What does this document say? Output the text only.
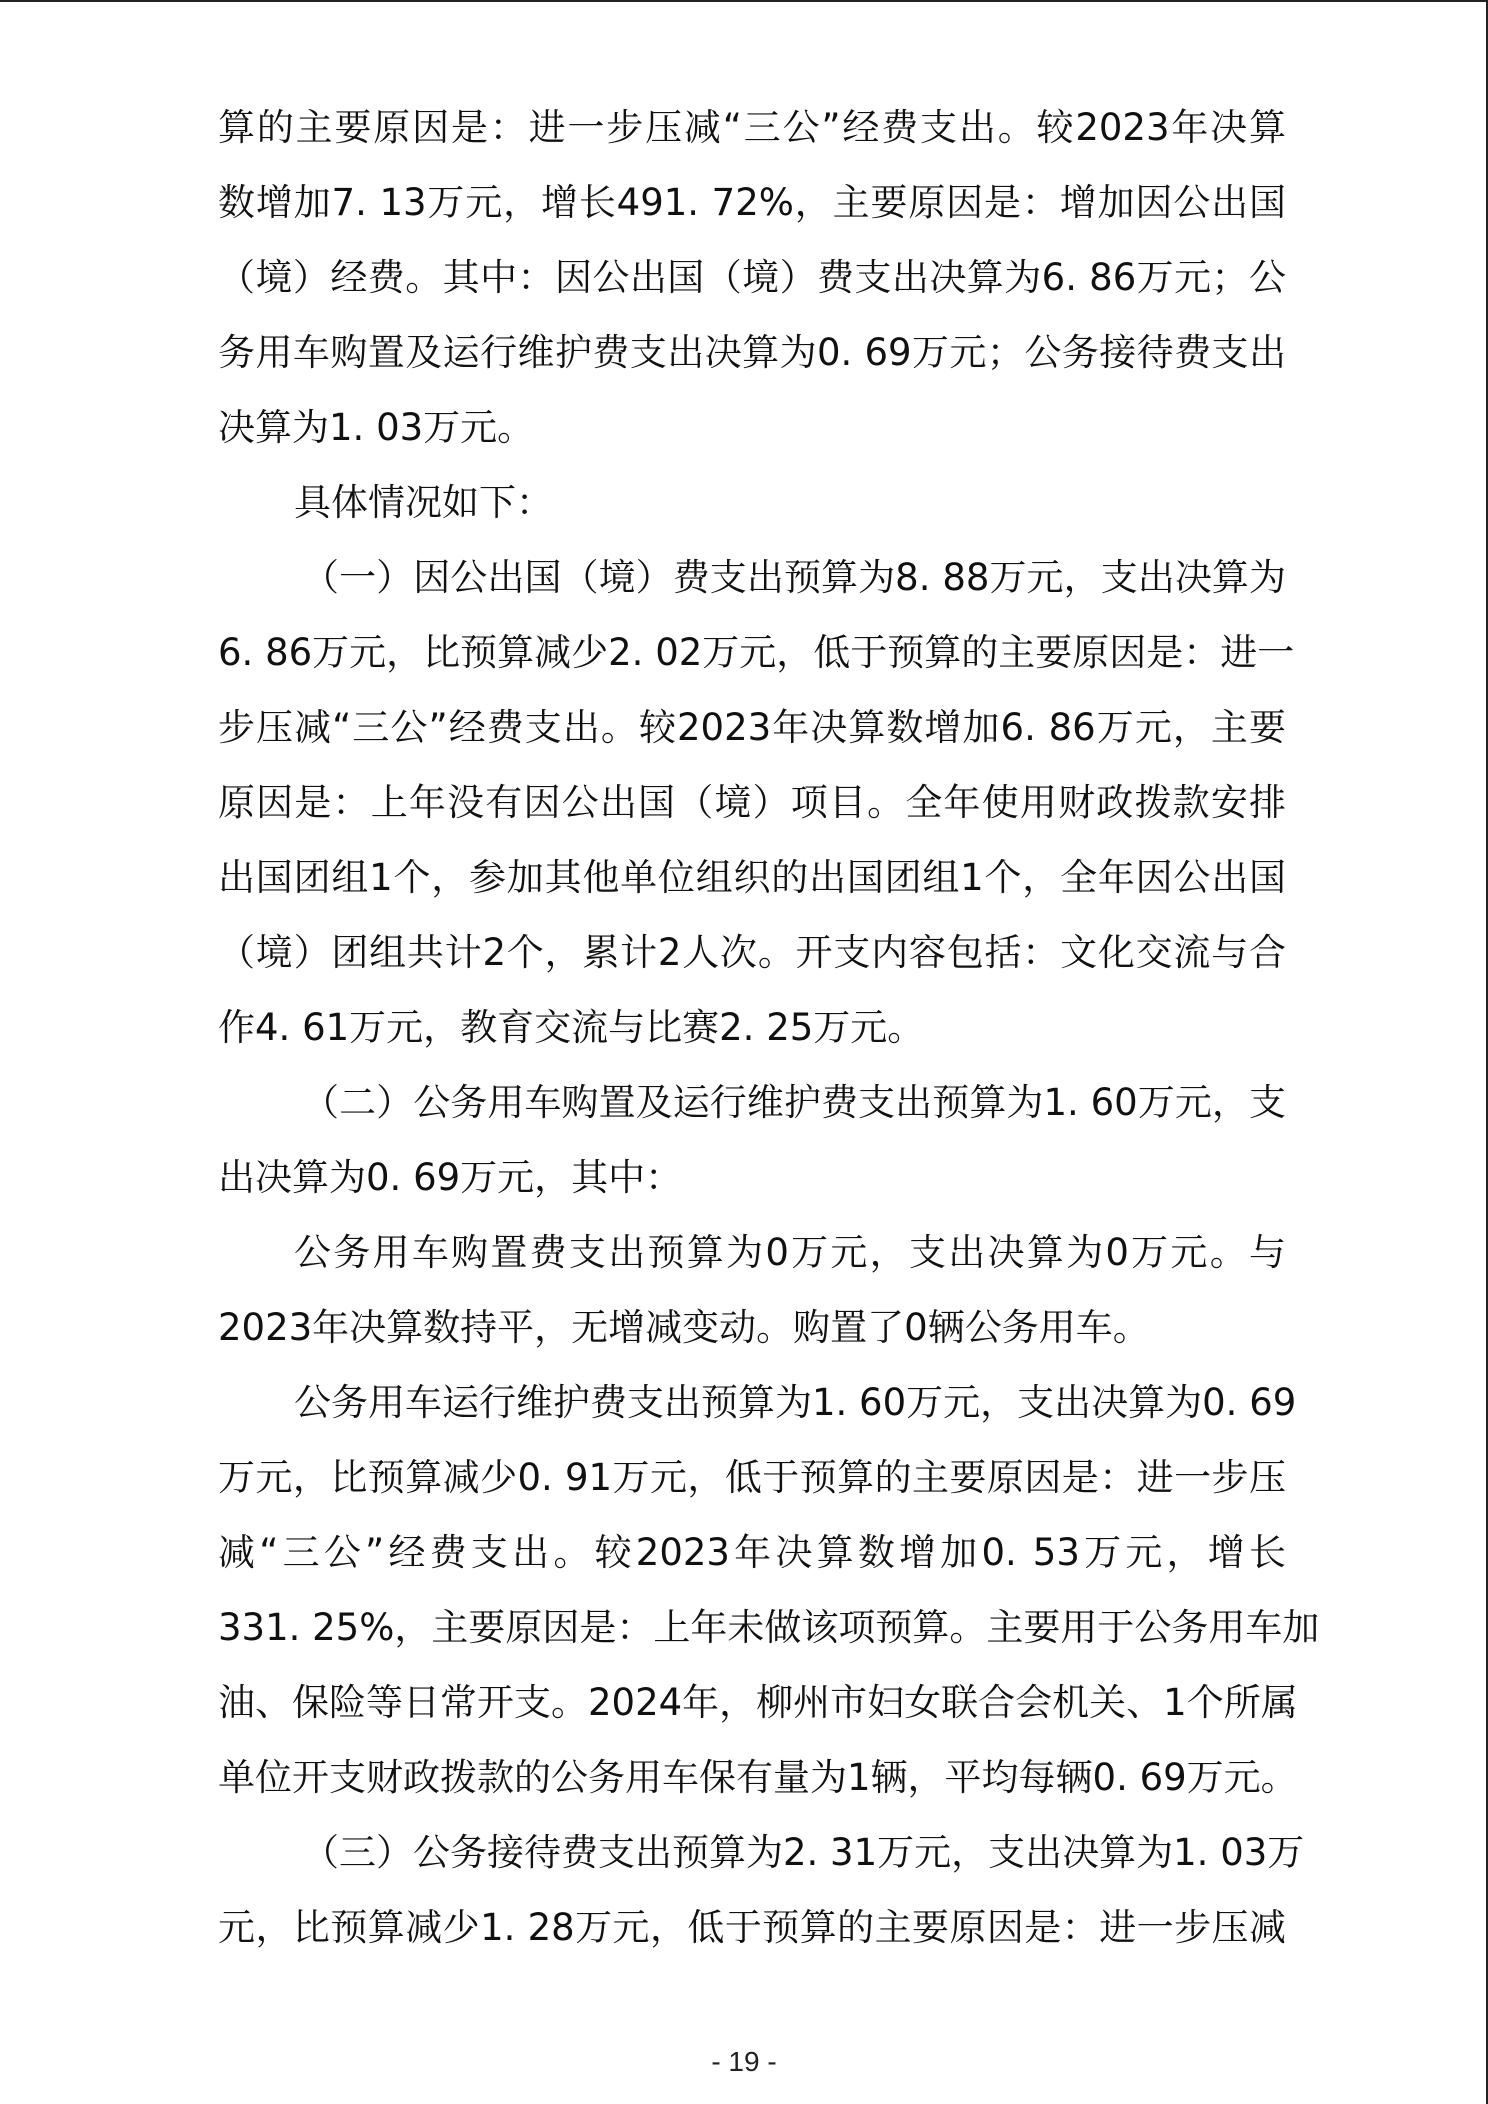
算的主要原因是：进一步压减“三公”经费支出。较2023年决算
数增加7. 13万元，增长491. 72%，主要原因是：增加因公出国
（境）经费。其中：因公出国（境）费支出决算为6. 86万元；公
务用车购置及运行维护费支出决算为0. 69万元；公务接待费支出
决算为1. 03万元。
具体情况如下：
（一）因公出国（境）费支出预算为8. 88万元，支出决算为
6. 86万元，比预算减少2. 02万元，低于预算的主要原因是：进一
步压减“三公”经费支出。较2023年决算数增加6. 86万元，主要
原因是：上年没有因公出国（境）项目。全年使用财政拨款安排
出国团组1个，参加其他单位组织的出国团组1个，全年因公出国
（境）团组共计2个，累计2人次。开支内容包括：文化交流与合
作4. 61万元，教育交流与比赛2. 25万元。
（二）公务用车购置及运行维护费支出预算为1. 60万元，支
出决算为0. 69万元，其中：
公务用车购置费支出预算为0万元，支出决算为0万元。与
2023年决算数持平，无增减变动。购置了0辆公务用车。
公务用车运行维护费支出预算为1. 60万元，支出决算为0. 69
万元，比预算减少0. 91万元，低于预算的主要原因是：进一步压
减“三公”经费支出。较2023年决算数增加0. 53万元，增长
331. 25%，主要原因是：上年未做该项预算。主要用于公务用车加
油、保险等日常开支。2024年，柳州市妇女联合会机关、1个所属
单位开支财政拨款的公务用车保有量为1辆，平均每辆0. 69万元。
（三）公务接待费支出预算为2. 31万元，支出决算为1. 03万
元，比预算减少1. 28万元，低于预算的主要原因是：进一步压减
- 19 -
